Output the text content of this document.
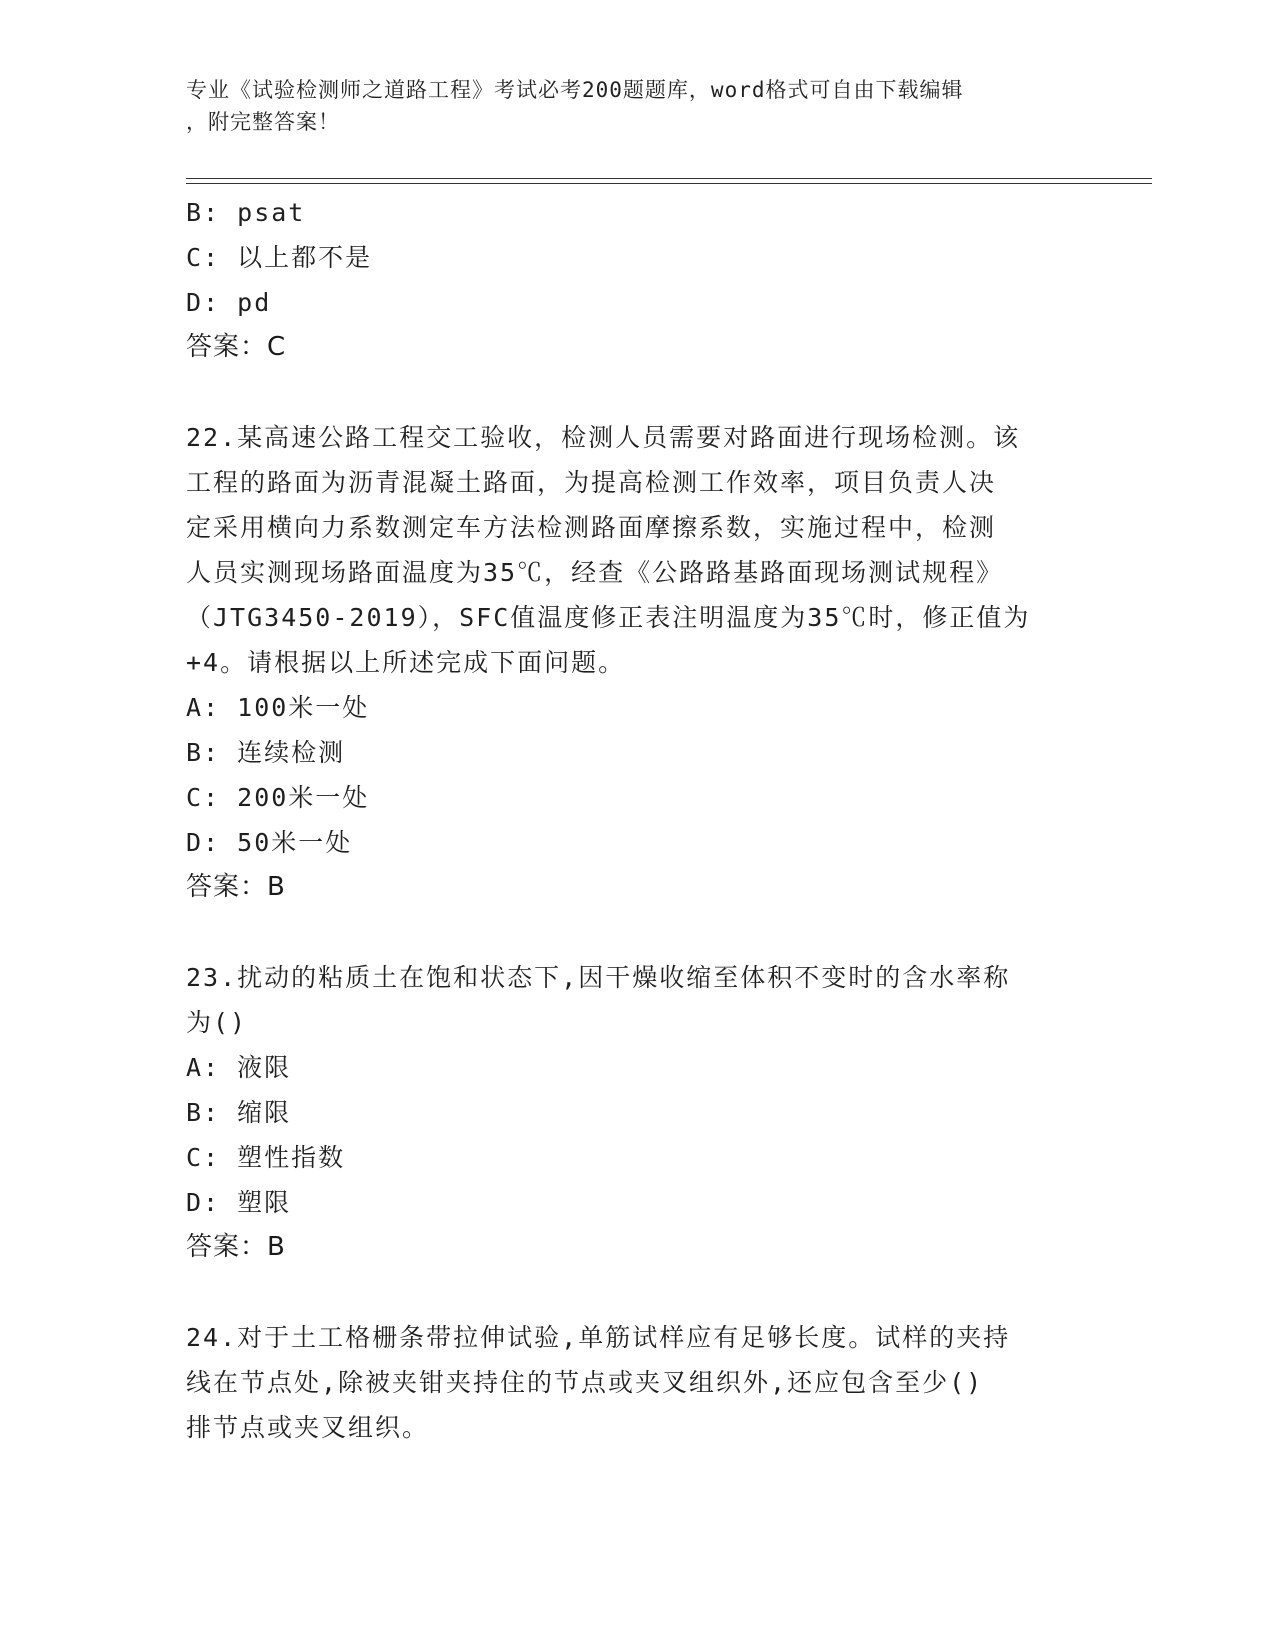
专业《试验检测师之道路工程》考试必考200题题库，word格式可自由下载编辑
，附完整答案！
B: psat
C: 以上都不是
D: pd
答案：C
22.某高速公路工程交工验收，检测人员需要对路面进行现场检测。该
工程的路面为沥青混凝土路面，为提高检测工作效率，项目负责人决
定采用横向力系数测定车方法检测路面摩擦系数，实施过程中，检测
人员实测现场路面温度为35℃，经查《公路路基路面现场测试规程》
（JTG3450-2019），SFC值温度修正表注明温度为35℃时，修正值为
+4。请根据以上所述完成下面问题。
A: 100米一处
B: 连续检测
C: 200米一处
D: 50米一处
答案：B
23.扰动的粘质土在饱和状态下,因干燥收缩至体积不变时的含水率称
为()
A: 液限
B: 缩限
C: 塑性指数
D: 塑限
答案：B
24.对于土工格栅条带拉伸试验,单筋试样应有足够长度。试样的夹持
线在节点处,除被夹钳夹持住的节点或夹叉组织外,还应包含至少()
排节点或夹叉组织。
